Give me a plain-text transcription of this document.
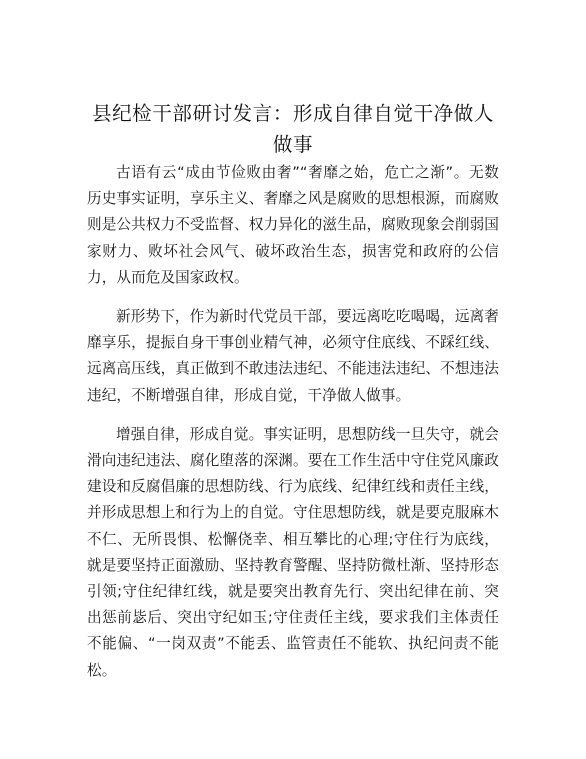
县纪检干部研讨发言：形成自律自觉干净做人做事

古语有云“成由节俭败由奢”“奢靡之始，危亡之渐”。无数历史事实证明，享乐主义、奢靡之风是腐败的思想根源，而腐败则是公共权力不受监督、权力异化的滋生品，腐败现象会削弱国家财力、败坏社会风气、破坏政治生态，损害党和政府的公信力，从而危及国家政权。

新形势下，作为新时代党员干部，要远离吃吃喝喝，远离奢靡享乐，提振自身干事创业精气神，必须守住底线、不踩红线、远离高压线，真正做到不敢违法违纪、不能违法违纪、不想违法违纪，不断增强自律，形成自觉，干净做人做事。

增强自律，形成自觉。事实证明，思想防线一旦失守，就会滑向违纪违法、腐化堕落的深渊。要在工作生活中守住党风廉政建设和反腐倡廉的思想防线、行为底线、纪律红线和责任主线，并形成思想上和行为上的自觉。守住思想防线，就是要克服麻木不仁、无所畏惧、松懈侥幸、相互攀比的心理;守住行为底线，就是要坚持正面激励、坚持教育警醒、坚持防微杜渐、坚持形态引领;守住纪律红线，就是要突出教育先行、突出纪律在前、突出惩前毖后、突出守纪如玉;守住责任主线，要求我们主体责任不能偏、“一岗双责”不能丢、监管责任不能软、执纪问责不能松。
